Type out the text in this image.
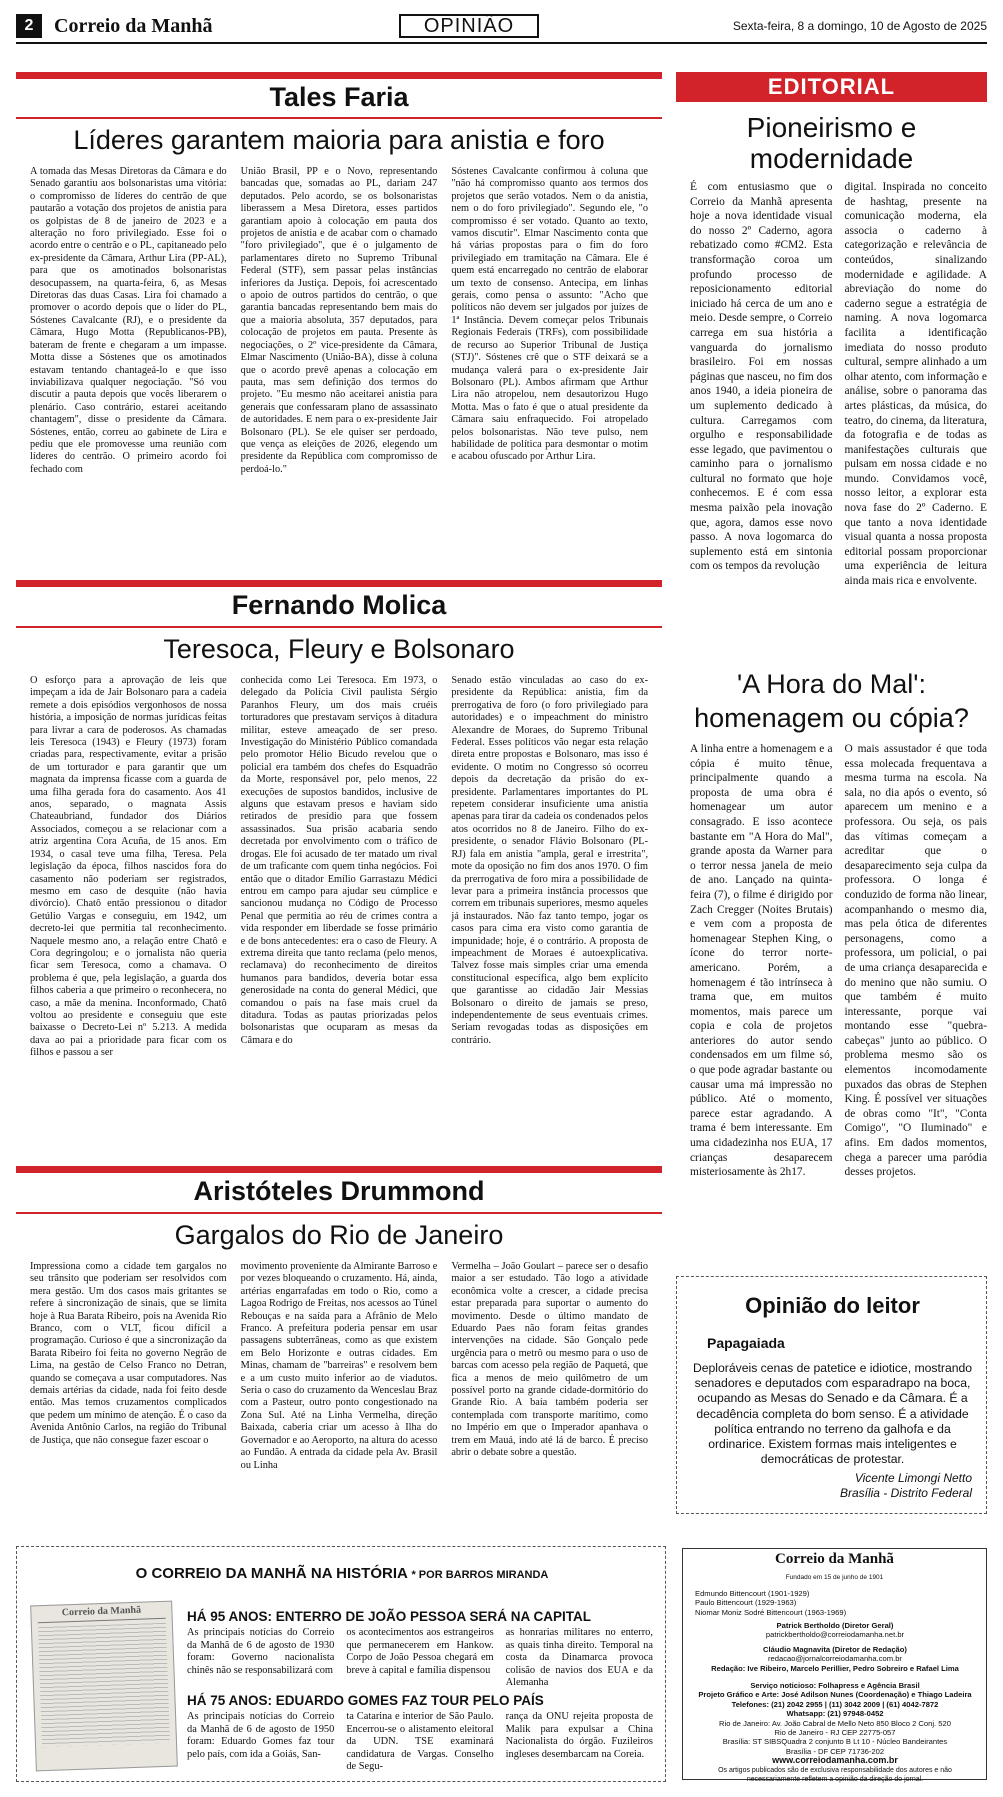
2	Correio da Manhã	OPINIÃO	Sexta-feira, 8 a domingo, 10 de Agosto de 2025
Tales Faria
Líderes garantem maioria para anistia e foro
A tomada das Mesas Diretoras da Câmara e do Senado garantiu aos bolsonaristas uma vitória: o compromisso de líderes do centrão de que pautarão a votação dos projetos de anistia para os golpistas de 8 de janeiro de 2023 e a alteração no foro privilegiado. Esse foi o acordo entre o centrão e o PL, capitaneado pelo ex-presidente da Câmara, Arthur Lira (PP-AL), para que os amotinados bolsonaristas desocupassem, na quarta-feira, 6, as Mesas Diretoras das duas Casas. Lira foi chamado a promover o acordo depois que o líder do PL, Sóstenes Cavalcante (RJ), e o presidente da Câmara, Hugo Motta (Republicanos-PB), bateram de frente e chegaram a um impasse. Motta disse a Sóstenes que os amotinados estavam tentando chantageá-lo e que isso inviabilizava qualquer negociação. "Só vou discutir a pauta depois que vocês liberarem o plenário. Caso contrário, estarei aceitando chantagem", disse o presidente da Câmara. Sóstenes, então, correu ao gabinete de Lira e pediu que ele promovesse uma reunião com líderes do centrão. O primeiro acordo foi fechado com
União Brasil, PP e o Novo, representando bancadas que, somadas ao PL, dariam 247 deputados. Pelo acordo, se os bolsonaristas liberassem a Mesa Diretora, esses partidos garantiam apoio à colocação em pauta dos projetos de anistia e de acabar com o chamado "foro privilegiado", que é o julgamento de parlamentares direto no Supremo Tribunal Federal (STF), sem passar pelas instâncias inferiores da Justiça. Depois, foi acrescentado o apoio de outros partidos do centrão, o que garantia bancadas representando bem mais do que a maioria absoluta, 357 deputados, para colocação de projetos em pauta. Presente às negociações, o 2º vice-presidente da Câmara, Elmar Nascimento (União-BA), disse à coluna que o acordo prevê apenas a colocação em pauta, mas sem definição dos termos do projeto. "Eu mesmo não aceitarei anistia para generais que confessaram plano de assassinato de autoridades. E nem para o ex-presidente Jair Bolsonaro (PL). Se ele quiser ser perdoado, que vença as eleições de 2026, elegendo um presidente da República com compromisso de perdoá-lo."
Sóstenes Cavalcante confirmou à coluna que "não há compromisso quanto aos termos dos projetos que serão votados. Nem o da anistia, nem o do foro privilegiado". Segundo ele, "o compromisso é ser votado. Quanto ao texto, vamos discutir". Elmar Nascimento conta que há várias propostas para o fim do foro privilegiado em tramitação na Câmara. Ele é quem está encarregado no centrão de elaborar um texto de consenso. Antecipa, em linhas gerais, como pensa o assunto: "Acho que políticos não devem ser julgados por juízes de 1ª Instância. Devem começar pelos Tribunais Regionais Federais (TRFs), com possibilidade de recurso ao Superior Tribunal de Justiça (STJ)". Sóstenes crê que o STF deixará se a mudança valerá para o ex-presidente Jair Bolsonaro (PL). Ambos afirmam que Arthur Lira não atropelou, nem desautorizou Hugo Motta. Mas o fato é que o atual presidente da Câmara saiu enfraquecido. Foi atropelado pelos bolsonaristas. Não teve pulso, nem habilidade de política para desmontar o motim e acabou ofuscado por Arthur Lira.
Fernando Molica
Teresoca, Fleury e Bolsonaro
O esforço para a aprovação de leis que impeçam a ida de Jair Bolsonaro para a cadeia remete a dois episódios vergonhosos de nossa história, a imposição de normas jurídicas feitas para livrar a cara de poderosos. As chamadas leis Teresoca (1943) e Fleury (1973) foram criadas para, respectivamente, evitar a prisão de um torturador e para garantir que um magnata da imprensa ficasse com a guarda de uma filha gerada fora do casamento. Aos 41 anos, separado, o magnata Assis Chateaubriand, fundador dos Diários Associados, começou a se relacionar com a atriz argentina Cora Acuña, de 15 anos. Em 1934, o casal teve uma filha, Teresa. Pela legislação da época, filhos nascidos fora do casamento não poderiam ser registrados, mesmo em caso de desquite (não havia divórcio). Chatô então pressionou o ditador Getúlio Vargas e conseguiu, em 1942, um decreto-lei que permitia tal reconhecimento. Naquele mesmo ano, a relação entre Chatô e Cora degringolou; e o jornalista não queria ficar sem Teresoca, como a chamava. O problema é que, pela legislação, a guarda dos filhos caberia a que primeiro o reconhecera, no caso, a mãe da menina. Inconformado, Chatô voltou ao presidente e conseguiu que este baixasse o Decreto-Lei nº 5.213. A medida dava ao pai a prioridade para ficar com os filhos e passou a ser
conhecida como Lei Teresoca. Em 1973, o delegado da Polícia Civil paulista Sérgio Paranhos Fleury, um dos mais cruéis torturadores que prestavam serviços à ditadura militar, esteve ameaçado de ser preso. Investigação do Ministério Público comandada pelo promotor Hélio Bicudo revelou que o policial era também dos chefes do Esquadrão da Morte, responsável por, pelo menos, 22 execuções de supostos bandidos, inclusive de alguns que estavam presos e haviam sido retirados de presídio para que fossem assassinados. Sua prisão acabaria sendo decretada por envolvimento com o tráfico de drogas. Ele foi acusado de ter matado um rival de um traficante com quem tinha negócios. Foi então que o ditador Emílio Garrastazu Médici entrou em campo para ajudar seu cúmplice e sancionou mudança no Código de Processo Penal que permitia ao réu de crimes contra a vida responder em liberdade se fosse primário e de bons antecedentes: era o caso de Fleury. A extrema direita que tanto reclama (pelo menos, reclamava) do reconhecimento de direitos humanos para bandidos, deveria botar essa generosidade na conta do general Médici, que comandou o país na fase mais cruel da ditadura. Todas as pautas priorizadas pelos bolsonaristas que ocuparam as mesas da Câmara e do
Senado estão vinculadas ao caso do ex-presidente da República: anistia, fim da prerrogativa de foro (o foro privilegiado para autoridades) e o impeachment do ministro Alexandre de Moraes, do Supremo Tribunal Federal. Esses políticos vão negar esta relação direta entre propostas e Bolsonaro, mas isso é evidente. O motim no Congresso só ocorreu depois da decretação da prisão do ex-presidente. Parlamentares importantes do PL repetem considerar insuficiente uma anistia apenas para tirar da cadeia os condenados pelos atos ocorridos no 8 de Janeiro. Filho do ex-presidente, o senador Flávio Bolsonaro (PL-RJ) fala em anistia "ampla, geral e irrestrita", mote da oposição no fim dos anos 1970. O fim da prerrogativa de foro mira a possibilidade de levar para a primeira instância processos que correm em tribunais superiores, mesmo aqueles já instaurados. Não faz tanto tempo, jogar os casos para cima era visto como garantia de impunidade; hoje, é o contrário. A proposta de impeachment de Moraes é autoexplicativa. Talvez fosse mais simples criar uma emenda constitucional específica, algo bem explícito que garantisse ao cidadão Jair Messias Bolsonaro o direito de jamais se preso, independentemente de seus eventuais crimes. Seriam revogadas todas as disposições em contrário.
Aristóteles Drummond
Gargalos do Rio de Janeiro
Impressiona como a cidade tem gargalos no seu trânsito que poderiam ser resolvidos com mera gestão. Um dos casos mais gritantes se refere à sincronização de sinais, que se limita hoje à Rua Barata Ribeiro, pois na Avenida Rio Branco, com o VLT, ficou difícil a programação. Curioso é que a sincronização da Barata Ribeiro foi feita no governo Negrão de Lima, na gestão de Celso Franco no Detran, quando se começava a usar computadores. Nas demais artérias da cidade, nada foi feito desde então. Mas temos cruzamentos complicados que pedem um mínimo de atenção. É o caso da Avenida Antônio Carlos, na região do Tribunal de Justiça, que não consegue fazer escoar o
movimento proveniente da Almirante Barroso e por vezes bloqueando o cruzamento. Há, ainda, artérias engarrafadas em todo o Rio, como a Lagoa Rodrigo de Freitas, nos acessos ao Túnel Rebouças e na saída para a Afrânio de Melo Franco. A prefeitura poderia pensar em usar passagens subterrâneas, como as que existem em Belo Horizonte e outras cidades. Em Minas, chamam de "barreiras" e resolvem bem e a um custo muito inferior ao de viadutos. Seria o caso do cruzamento da Wenceslau Braz com a Pasteur, outro ponto congestionado na Zona Sul. Até na Linha Vermelha, direção Baixada, caberia criar um acesso à Ilha do Governador e ao Aeroporto, na altura do acesso ao Fundão. A entrada da cidade pela Av. Brasil ou Linha
Vermelha – João Goulart – parece ser o desafio maior a ser estudado. Tão logo a atividade econômica volte a crescer, a cidade precisa estar preparada para suportar o aumento do movimento. Desde o último mandato de Eduardo Paes não foram feitas grandes intervenções na cidade. São Gonçalo pede urgência para o metrô ou mesmo para o uso de barcas com acesso pela região de Paquetá, que fica a menos de meio quilômetro de um possível porto na grande cidade-dormitório do Grande Rio. A baía também poderia ser contemplada com transporte marítimo, como no Império em que o Imperador apanhava o trem em Mauá, indo até lá de barco. É preciso abrir o debate sobre a questão.
EDITORIAL
Pioneirismo e modernidade
É com entusiasmo que o Correio da Manhã apresenta hoje a nova identidade visual do nosso 2º Caderno, agora rebatizado como #CM2. Esta transformação coroa um profundo processo de reposicionamento editorial iniciado há cerca de um ano e meio. Desde sempre, o Correio carrega em sua história a vanguarda do jornalismo brasileiro. Foi em nossas páginas que nasceu, no fim dos anos 1940, a ideia pioneira de um suplemento dedicado à cultura. Carregamos com orgulho e responsabilidade esse legado, que pavimentou o caminho para o jornalismo cultural no formato que hoje conhecemos. E é com essa mesma paixão pela inovação que, agora, damos esse novo passo. A nova logomarca do suplemento está em sintonia com os tempos da revolução
digital. Inspirada no conceito de hashtag, presente na comunicação moderna, ela associa o caderno à categorização e relevância de conteúdos, sinalizando modernidade e agilidade. A abreviação do nome do caderno segue a estratégia de naming. A nova logomarca facilita a identificação imediata do nosso produto cultural, sempre alinhado a um olhar atento, com informação e análise, sobre o panorama das artes plásticas, da música, do teatro, do cinema, da literatura, da fotografia e de todas as manifestações culturais que pulsam em nossa cidade e no mundo. Convidamos você, nosso leitor, a explorar esta nova fase do 2º Caderno. E que tanto a nova identidade visual quanta a nossa proposta editorial possam proporcionar uma experiência de leitura ainda mais rica e envolvente.
'A Hora do Mal': homenagem ou cópia?
A linha entre a homenagem e a cópia é muito tênue, principalmente quando a proposta de uma obra é homenagear um autor consagrado. E isso acontece bastante em "A Hora do Mal", grande aposta da Warner para o terror nessa janela de meio de ano. Lançado na quinta-feira (7), o filme é dirigido por Zach Cregger (Noites Brutais) e vem com a proposta de homenagear Stephen King, o ícone do terror norte-americano. Porém, a homenagem é tão intrínseca à trama que, em muitos momentos, mais parece um copia e cola de projetos anteriores do autor sendo condensados em um filme só, o que pode agradar bastante ou causar uma má impressão no público. Até o momento, parece estar agradando. A trama é bem interessante. Em uma cidadezinha nos EUA, 17 crianças desaparecem misteriosamente às 2h17.
O mais assustador é que toda essa molecada frequentava a mesma turma na escola. Na sala, no dia após o evento, só aparecem um menino e a professora. Ou seja, os pais das vítimas começam a acreditar que o desaparecimento seja culpa da professora. O longa é conduzido de forma não linear, acompanhando o mesmo dia, mas pela ótica de diferentes personagens, como a professora, um policial, o pai de uma criança desaparecida e do menino que não sumiu. O que também é muito interessante, porque vai montando esse "quebra-cabeças" junto ao público. O problema mesmo são os elementos incomodamente puxados das obras de Stephen King. É possível ver situações de obras como "It", "Conta Comigo", "O Iluminado" e afins. Em dados momentos, chega a parecer uma paródia desses projetos.
Opinião do leitor
Papagaiada
Deploráveis cenas de patetice e idiotice, mostrando senadores e deputados com esparadrapo na boca, ocupando as Mesas do Senado e da Câmara. É a decadência completa do bom senso. É a atividade política entrando no terreno da galhofa e da ordinarice. Existem formas mais inteligentes e democráticas de protestar.
Vicente Limongi Netto
Brasília - Distrito Federal
O CORREIO DA MANHÃ NA HISTÓRIA * POR BARROS MIRANDA
Correio da Manhã	HÁ 95 ANOS: ENTERRO DE JOÃO PESSOA SERÁ NA CAPITAL
As principais notícias do Correio da Manhã de 6 de agosto de 1930 foram: Governo nacionalista chinês não se responsabilizará com
os acontecimentos aos estrangeiros que permanecerem em Hankow. Corpo de João Pessoa chegará em breve à capital e família dispensou
as honrarias militares no enterro, as quais tinha direito. Temporal na costa da Dinamarca provoca colisão de navios dos EUA e da Alemanha
HÁ 75 ANOS: EDUARDO GOMES FAZ TOUR PELO PAÍS
As principais notícias do Correio da Manhã de 6 de agosto de 1950 foram: Eduardo Gomes faz tour pelo país, com ida a Goiás, San-
ta Catarina e interior de São Paulo. Encerrou-se o alistamento eleitoral da UDN. TSE examinará candidatura de Vargas. Conselho de Segu-
rança da ONU rejeita proposta de Malik para expulsar a China Nacionalista do órgão. Fuzileiros ingleses desembarcam na Coreia.
Correio da Manhã
Fundado em 15 de junho de 1901
Edmundo Bittencourt (1901-1929)
Paulo Bittencourt (1929-1963)
Niomar Moniz Sodré Bittencourt (1963-1969)
Patrick Bertholdo (Diretor Geral)
patrickbertholdo@correiodamanha.net.br
Cláudio Magnavita (Diretor de Redação)
redacao@jornalcorreiodamanha.com.br
Redação: Ive Ribeiro, Marcelo Perillier, Pedro Sobreiro e Rafael Lima
Serviço noticioso: Folhapress e Agência Brasil
Projeto Gráfico e Arte: José Adilson Nunes (Coordenação) e Thiago Ladeira
Telefones: (21) 2042 2955 | (11) 3042 2009 | (61) 4042-7872
Whatsapp: (21) 97948-0452
Rio de Janeiro: Av. João Cabral de Mello Neto 850 Bloco 2 Conj. 520
Rio de Janeiro - RJ CEP 22775-057
Brasília: ST SIBSQuadra 2 conjunto B Lt 10 - Núcleo Bandeirantes
Brasília - DF CEP 71736-202
www.correiodamanha.com.br
Os artigos publicados são de exclusiva responsabilidade dos autores e não necessariamente refletem a opinião da direção do jornal.
